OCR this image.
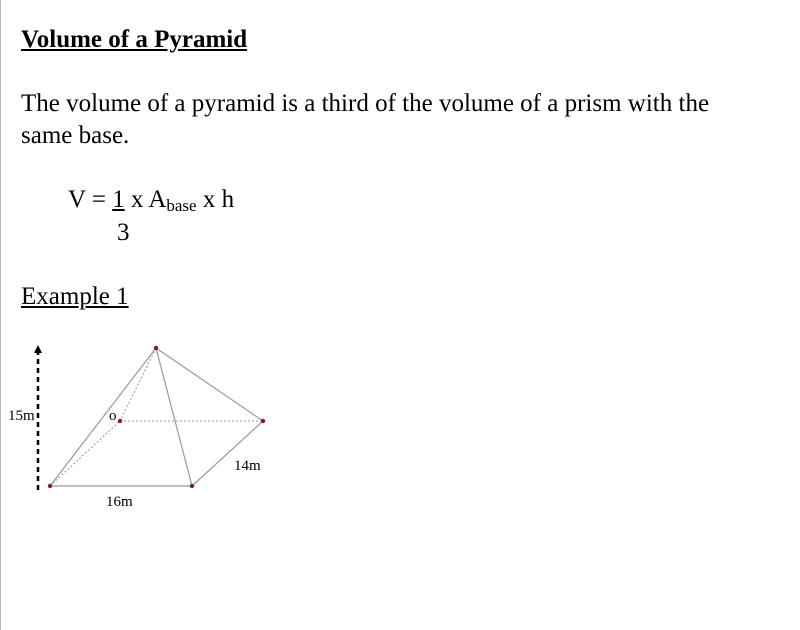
Volume of a Pyramid

The volume of a pyramid is a third of the volume of a prism with the same base.

V = 1 x $A_{base}$ x h
3
Example 1
15m	o
16m
14m
